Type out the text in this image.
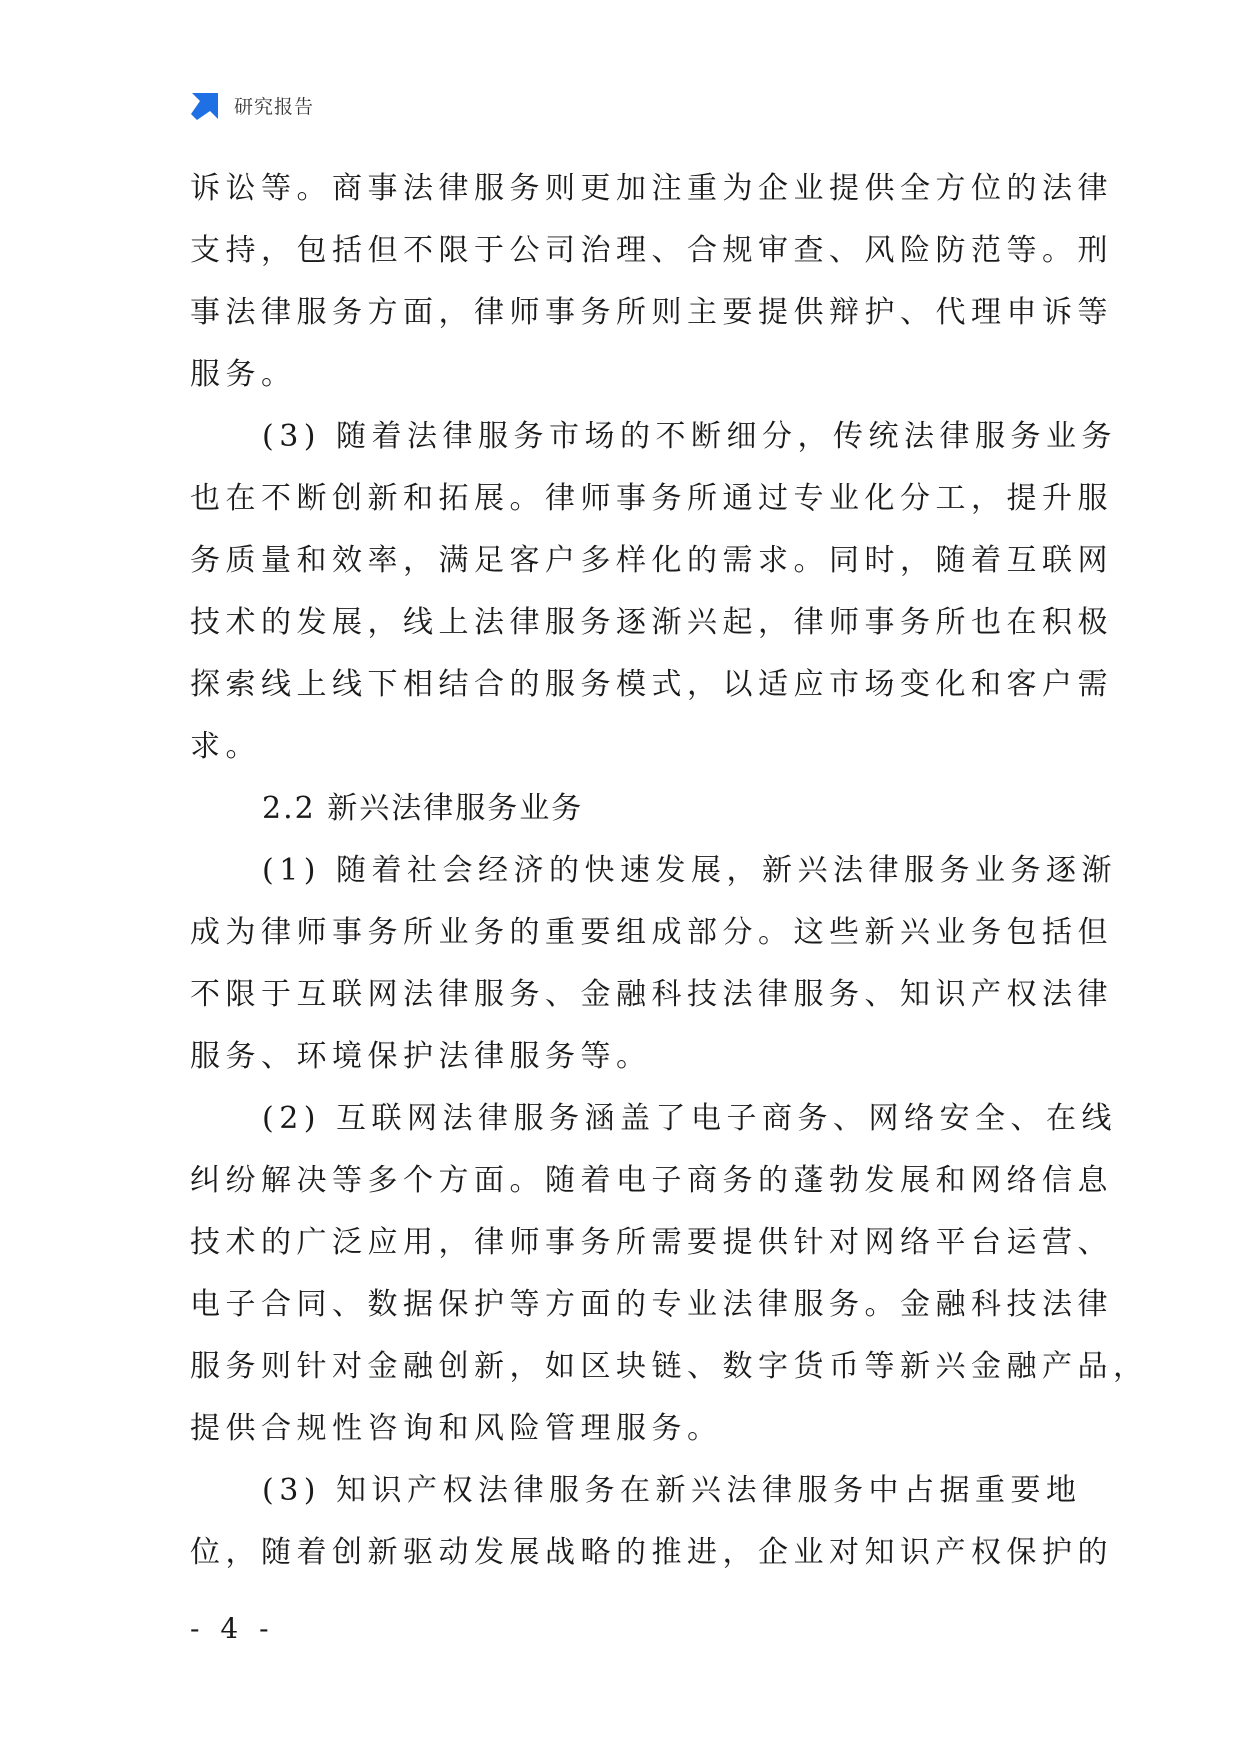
研究报告
诉讼等。商事法律服务则更加注重为企业提供全方位的法律
支持，包括但不限于公司治理、合规审查、风险防范等。刑
事法律服务方面，律师事务所则主要提供辩护、代理申诉等
服务。
(3) 随着法律服务市场的不断细分，传统法律服务业务
也在不断创新和拓展。律师事务所通过专业化分工，提升服
务质量和效率，满足客户多样化的需求。同时，随着互联网
技术的发展，线上法律服务逐渐兴起，律师事务所也在积极
探索线上线下相结合的服务模式，以适应市场变化和客户需
求。
2.2 新兴法律服务业务
(1) 随着社会经济的快速发展，新兴法律服务业务逐渐
成为律师事务所业务的重要组成部分。这些新兴业务包括但
不限于互联网法律服务、金融科技法律服务、知识产权法律
服务、环境保护法律服务等。
(2) 互联网法律服务涵盖了电子商务、网络安全、在线
纠纷解决等多个方面。随着电子商务的蓬勃发展和网络信息
技术的广泛应用，律师事务所需要提供针对网络平台运营、
电子合同、数据保护等方面的专业法律服务。金融科技法律
服务则针对金融创新，如区块链、数字货币等新兴金融产品，
提供合规性咨询和风险管理服务。
(3) 知识产权法律服务在新兴法律服务中占据重要地
位，随着创新驱动发展战略的推进，企业对知识产权保护的
- 4 -
